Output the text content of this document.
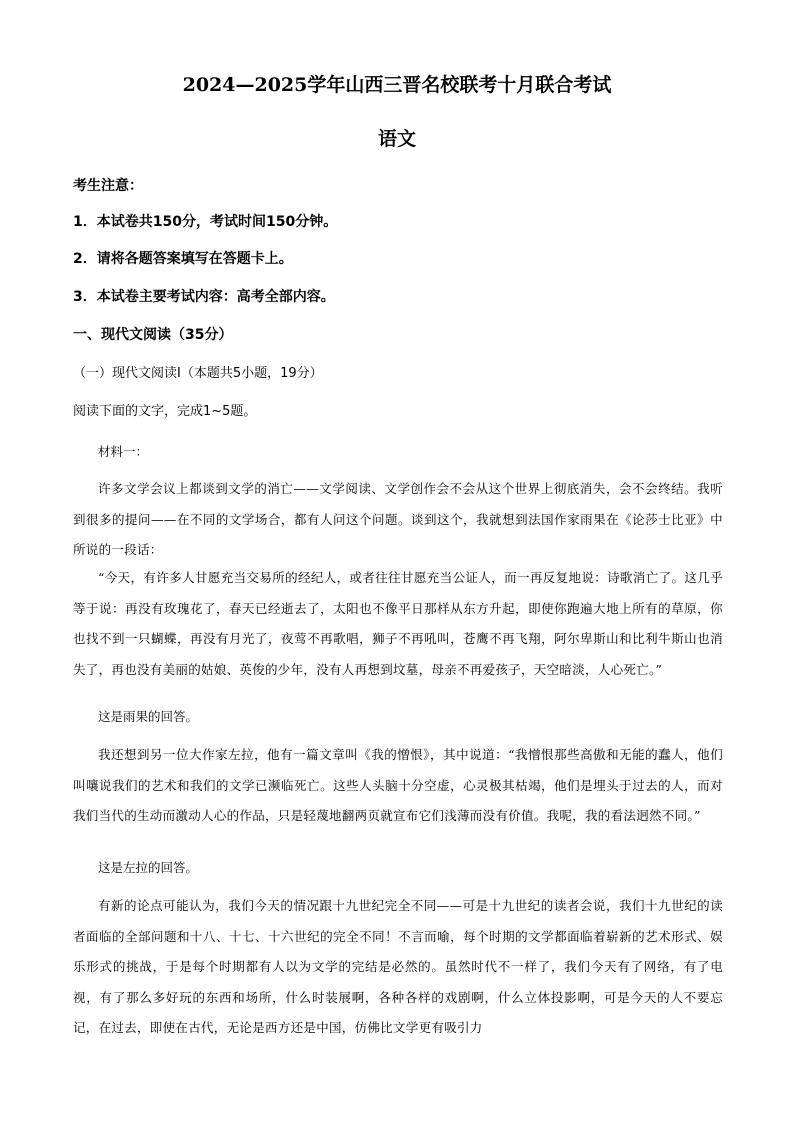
2024—2025学年山西三晋名校联考十月联合考试
语文
考生注意：
1．本试卷共150分，考试时间150分钟。
2．请将各题答案填写在答题卡上。
3．本试卷主要考试内容：高考全部内容。
一、现代文阅读（35分）
（一）现代文阅读Ⅰ（本题共5小题，19分）
阅读下面的文字，完成1~5题。
材料一：
许多文学会议上都谈到文学的消亡——文学阅读、文学创作会不会从这个世界上彻底消失，会不会终结。我听到很多的提问——在不同的文学场合，都有人问这个问题。谈到这个，我就想到法国作家雨果在《论莎士比亚》中所说的一段话：
“今天，有许多人甘愿充当交易所的经纪人，或者往往甘愿充当公证人，而一再反复地说：诗歌消亡了。这几乎等于说：再没有玫瑰花了，春天已经逝去了，太阳也不像平日那样从东方升起，即使你跑遍大地上所有的草原，你也找不到一只蝴蝶，再没有月光了，夜莺不再歌唱，狮子不再吼叫，苍鹰不再飞翔，阿尔卑斯山和比利牛斯山也消失了，再也没有美丽的姑娘、英俊的少年，没有人再想到坟墓，母亲不再爱孩子，天空暗淡，人心死亡。”
这是雨果的回答。
我还想到另一位大作家左拉，他有一篇文章叫《我的憎恨》，其中说道：“我憎恨那些高傲和无能的蠢人，他们叫嚷说我们的艺术和我们的文学已濒临死亡。这些人头脑十分空虚，心灵极其枯竭，他们是埋头于过去的人，而对我们当代的生动而激动人心的作品，只是轻蔑地翻两页就宣布它们浅薄而没有价值。我呢，我的看法迥然不同。”
这是左拉的回答。
有新的论点可能认为，我们今天的情况跟十九世纪完全不同——可是十九世纪的读者会说，我们十九世纪的读者面临的全部问题和十八、十七、十六世纪的完全不同！不言而喻，每个时期的文学都面临着崭新的艺术形式、娱乐形式的挑战，于是每个时期都有人以为文学的完结是必然的。虽然时代不一样了，我们今天有了网络，有了电视，有了那么多好玩的东西和场所，什么时装展啊，各种各样的戏剧啊，什么立体投影啊，可是今天的人不要忘记，在过去，即使在古代，无论是西方还是中国，仿佛比文学更有吸引力
